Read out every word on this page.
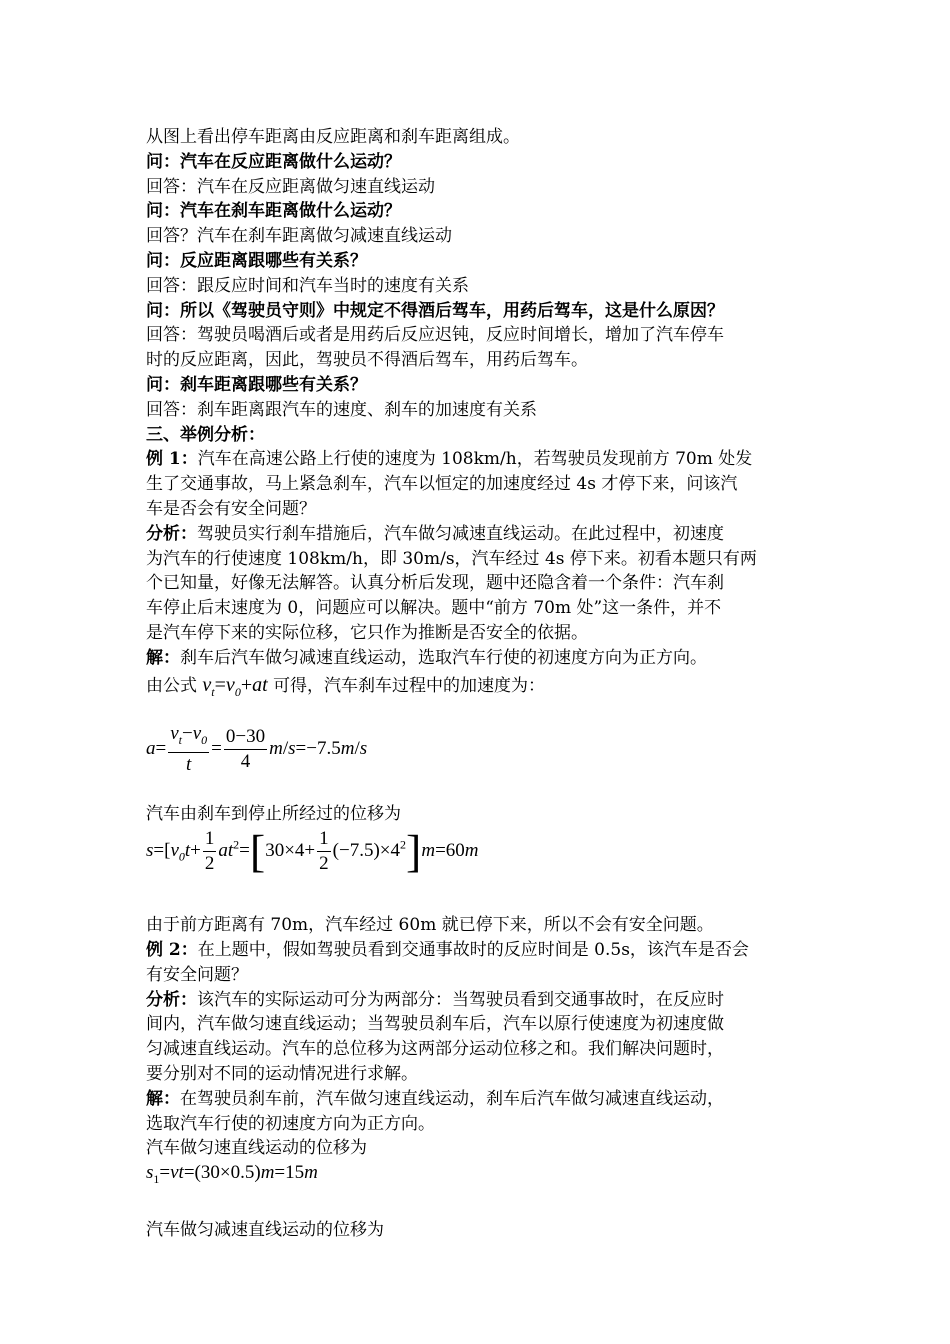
从图上看出停车距离由反应距离和刹车距离组成。
问：汽车在反应距离做什么运动？
回答：汽车在反应距离做匀速直线运动
问：汽车在刹车距离做什么运动？
回答？汽车在刹车距离做匀减速直线运动
问：反应距离跟哪些有关系？
回答：跟反应时间和汽车当时的速度有关系
问：所以《驾驶员守则》中规定不得酒后驾车，用药后驾车，这是什么原因？
回答：驾驶员喝酒后或者是用药后反应迟钝，反应时间增长，增加了汽车停车
时的反应距离，因此，驾驶员不得酒后驾车，用药后驾车。
问：刹车距离跟哪些有关系？
回答：刹车距离跟汽车的速度、刹车的加速度有关系
三、举例分析：
例 1：汽车在高速公路上行使的速度为 108km/h，若驾驶员发现前方 70m 处发
生了交通事故，马上紧急刹车，汽车以恒定的加速度经过 4s 才停下来，问该汽
车是否会有安全问题？
分析：驾驶员实行刹车措施后，汽车做匀减速直线运动。在此过程中，初速度
为汽车的行使速度 108km/h，即 30m/s，汽车经过 4s 停下来。初看本题只有两
个已知量，好像无法解答。认真分析后发现，题中还隐含着一个条件：汽车刹
车停止后末速度为 0，问题应可以解决。题中“前方 70m 处”这一条件，并不
是汽车停下来的实际位移，它只作为推断是否安全的依据。
解：刹车后汽车做匀减速直线运动，选取汽车行使的初速度方向为正方向。
由公式 $v_t=v_0+at$ 可得，汽车刹车过程中的加速度为：
$a= \frac{v_t-v_0}{t} = \frac{0-30}{4} m/s=-7.5m/s$
汽车由刹车到停止所经过的位移为
$s=[v_0t+ \frac{1}{2} at^2=[30\times 4+ \frac{1}{2} (-7.5)\times 4^2]m=60m$
由于前方距离有 70m，汽车经过 60m 就已停下来，所以不会有安全问题。
例 2：在上题中，假如驾驶员看到交通事故时的反应时间是 0.5s，该汽车是否会
有安全问题？
分析：该汽车的实际运动可分为两部分：当驾驶员看到交通事故时，在反应时
间内，汽车做匀速直线运动；当驾驶员刹车后，汽车以原行使速度为初速度做
匀减速直线运动。汽车的总位移为这两部分运动位移之和。我们解决问题时，
要分别对不同的运动情况进行求解。
解：在驾驶员刹车前，汽车做匀速直线运动，刹车后汽车做匀减速直线运动，
选取汽车行使的初速度方向为正方向。
汽车做匀速直线运动的位移为
$s_1=vt=(30\times 0.5)m=15m$
汽车做匀减速直线运动的位移为
